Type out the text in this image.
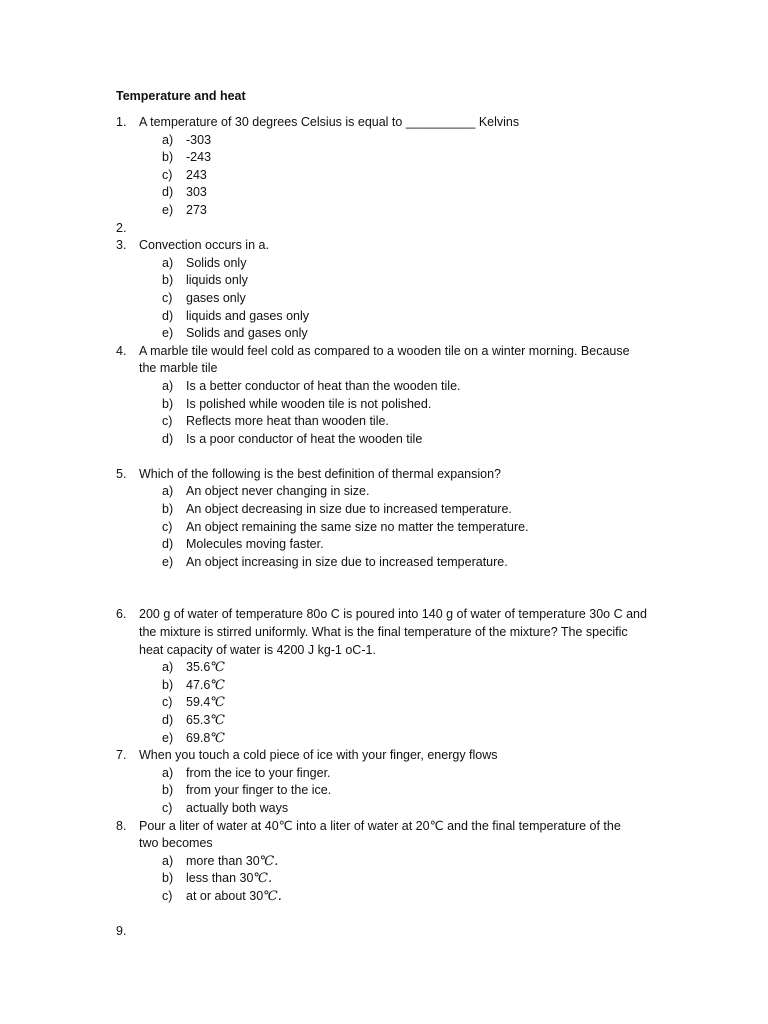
Temperature and heat
1. A temperature of 30 degrees Celsius is equal to __________ Kelvins
a) -303
b) -243
c) 243
d) 303
e) 273
2.
3. Convection occurs in a.
a) Solids only
b) liquids only
c) gases only
d) liquids and gases only
e) Solids and gases only
4. A marble tile would feel cold as compared to a wooden tile on a winter morning. Because
the marble tile
a) Is a better conductor of heat than the wooden tile.
b) Is polished while wooden tile is not polished.
c) Reflects more heat than wooden tile.
d) Is a poor conductor of heat the wooden tile
5. Which of the following is the best definition of thermal expansion?
a) An object never changing in size.
b) An object decreasing in size due to increased temperature.
c) An object remaining the same size no matter the temperature.
d) Molecules moving faster.
e) An object increasing in size due to increased temperature.
6. 200 g of water of temperature 80o C is poured into 140 g of water of temperature 30o C and
the mixture is stirred uniformly. What is the final temperature of the mixture? The specific
heat capacity of water is 4200 J kg-1 oC-1.
a) 35.6℃
b) 47.6℃
c) 59.4℃
d) 65.3℃
e) 69.8℃
7. When you touch a cold piece of ice with your finger, energy flows
a) from the ice to your finger.
b) from your finger to the ice.
c) actually both ways
8. Pour a liter of water at 40℃ into a liter of water at 20℃ and the final temperature of the
two becomes
a) more than 30℃.
b) less than 30℃.
c) at or about 30℃.
9.
